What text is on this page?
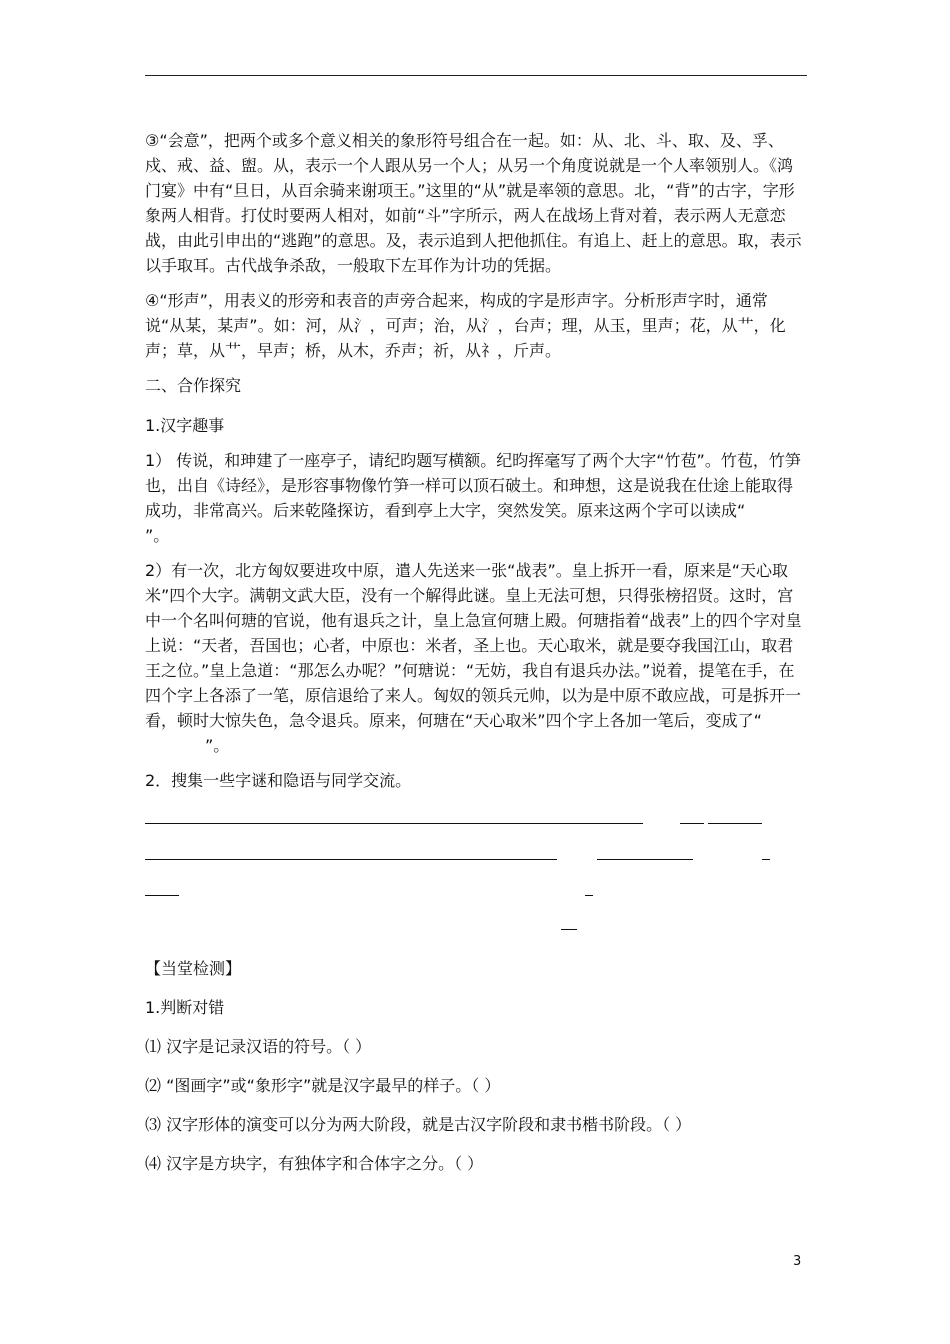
③“会意”，把两个或多个意义相关的象形符号组合在一起。如：从、北、斗、取、及、孚、戍、戒、益、盥。从，表示一个人跟从另一个人；从另一个角度说就是一个人率领别人。《鸿门宴》中有“旦日，从百余骑来谢项王。”这里的“从”就是率领的意思。北，“背”的古字，字形象两人相背。打仗时要两人相对，如前“斗”字所示，两人在战场上背对着，表示两人无意恋战，由此引申出的“逃跑”的意思。及，表示追到人把他抓住。有追上、赶上的意思。取，表示以手取耳。古代战争杀敌，一般取下左耳作为计功的凭据。

④“形声”，用表义的形旁和表音的声旁合起来，构成的字是形声字。分析形声字时，通常说“从某，某声”。如：河，从氵，可声；治，从氵，台声；理，从玉，里声；花，从艹，化声；草，从艹，早声；桥，从木，乔声；祈，从礻，斤声。

二、合作探究

1.汉字趣事

1） 传说，和珅建了一座亭子，请纪昀题写横额。纪昀挥毫写了两个大字“竹苞”。竹苞，竹笋也，出自《诗经》，是形容事物像竹笋一样可以顶石破土。和珅想，这是说我在仕途上能取得成功，非常高兴。后来乾隆探访，看到亭上大字，突然发笑。原来这两个字可以读成“”。

2）有一次，北方匈奴要进攻中原，遣人先送来一张“战表”。皇上拆开一看，原来是“天心取米”四个大字。满朝文武大臣，没有一个解得此谜。皇上无法可想，只得张榜招贤。这时，宫中一个名叫何瑭的官说，他有退兵之计，皇上急宣何瑭上殿。何瑭指着“战表”上的四个字对皇上说：“天者，吾国也；心者，中原也：米者，圣上也。天心取米，就是要夺我国江山，取君王之位。”皇上急道：“那怎么办呢？”何瑭说：“无妨，我自有退兵办法。”说着，提笔在手，在四个字上各添了一笔，原信退给了来人。匈奴的领兵元帅，以为是中原不敢应战，可是拆开一看，顿时大惊失色，急令退兵。原来，何瑭在“天心取米”四个字上各加一笔后，变成了“”。

2．搜集一些字谜和隐语与同学交流。

【当堂检测】

1.判断对错

⑴ 汉字是记录汉语的符号。（ ）

⑵ “图画字”或“象形字”就是汉字最早的样子。（ ）

⑶ 汉字形体的演变可以分为两大阶段，就是古汉字阶段和隶书楷书阶段。（ ）

⑷ 汉字是方块字，有独体字和合体字之分。（ ）

3
